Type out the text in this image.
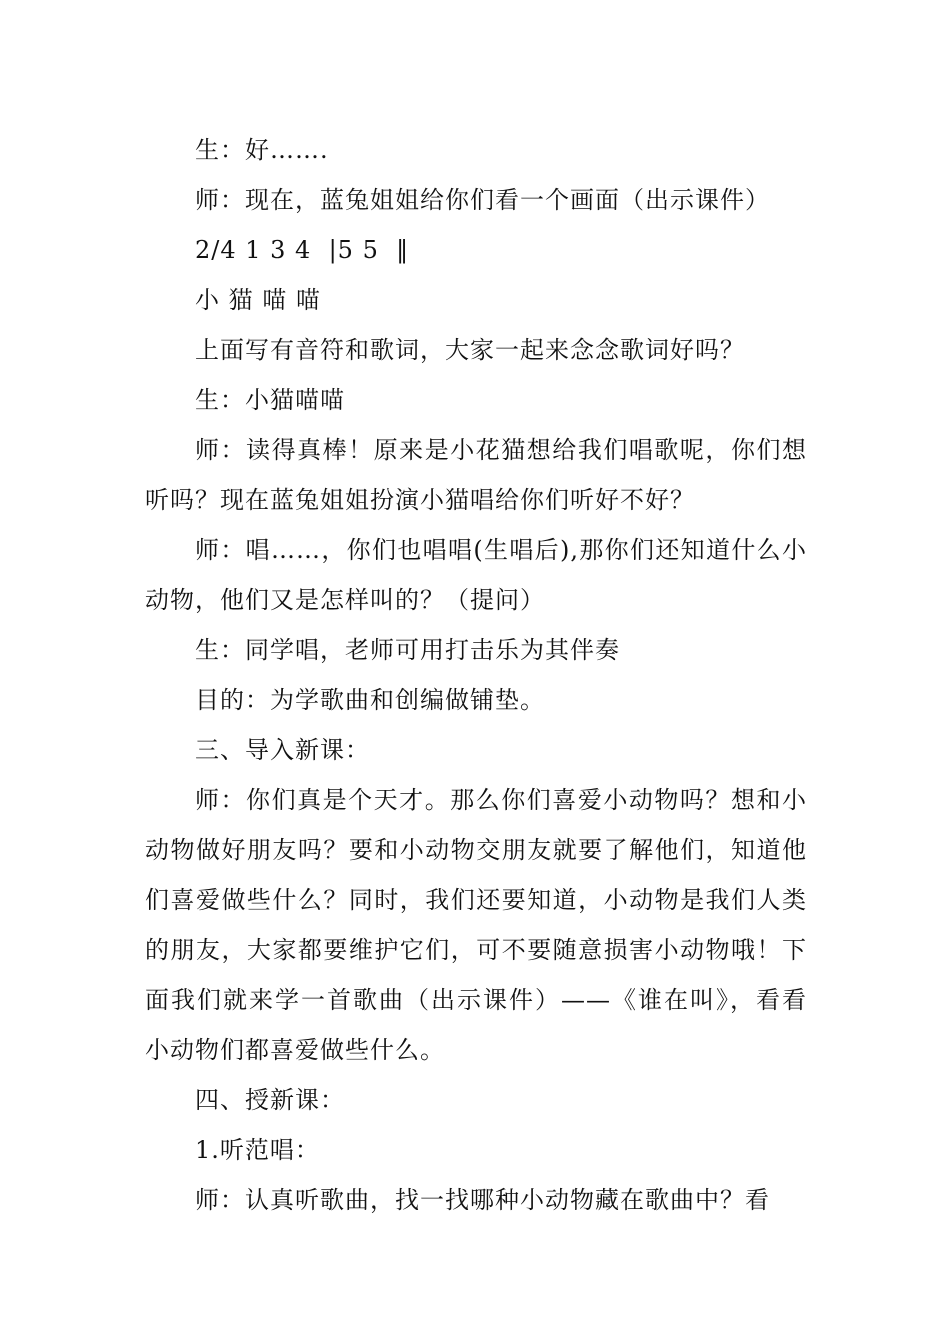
生：好…….

师：现在，蓝兔姐姐给你们看一个画面（出示课件）

2/4 1 3 4  |5 5  ‖

小 猫 喵 喵

上面写有音符和歌词，大家一起来念念歌词好吗？

生：小猫喵喵

师：读得真棒！原来是小花猫想给我们唱歌呢，你们想听吗？现在蓝兔姐姐扮演小猫唱给你们听好不好？

师：唱……，你们也唱唱(生唱后),那你们还知道什么小动物，他们又是怎样叫的？（提问）

生：同学唱，老师可用打击乐为其伴奏

目的：为学歌曲和创编做铺垫。

三、导入新课：

师：你们真是个天才。那么你们喜爱小动物吗？想和小动物做好朋友吗？要和小动物交朋友就要了解他们，知道他们喜爱做些什么？同时，我们还要知道，小动物是我们人类的朋友，大家都要维护它们，可不要随意损害小动物哦！下面我们就来学一首歌曲（出示课件）——《谁在叫》，看看小动物们都喜爱做些什么。

四、授新课：

1.听范唱：

师：认真听歌曲，找一找哪种小动物藏在歌曲中？看
